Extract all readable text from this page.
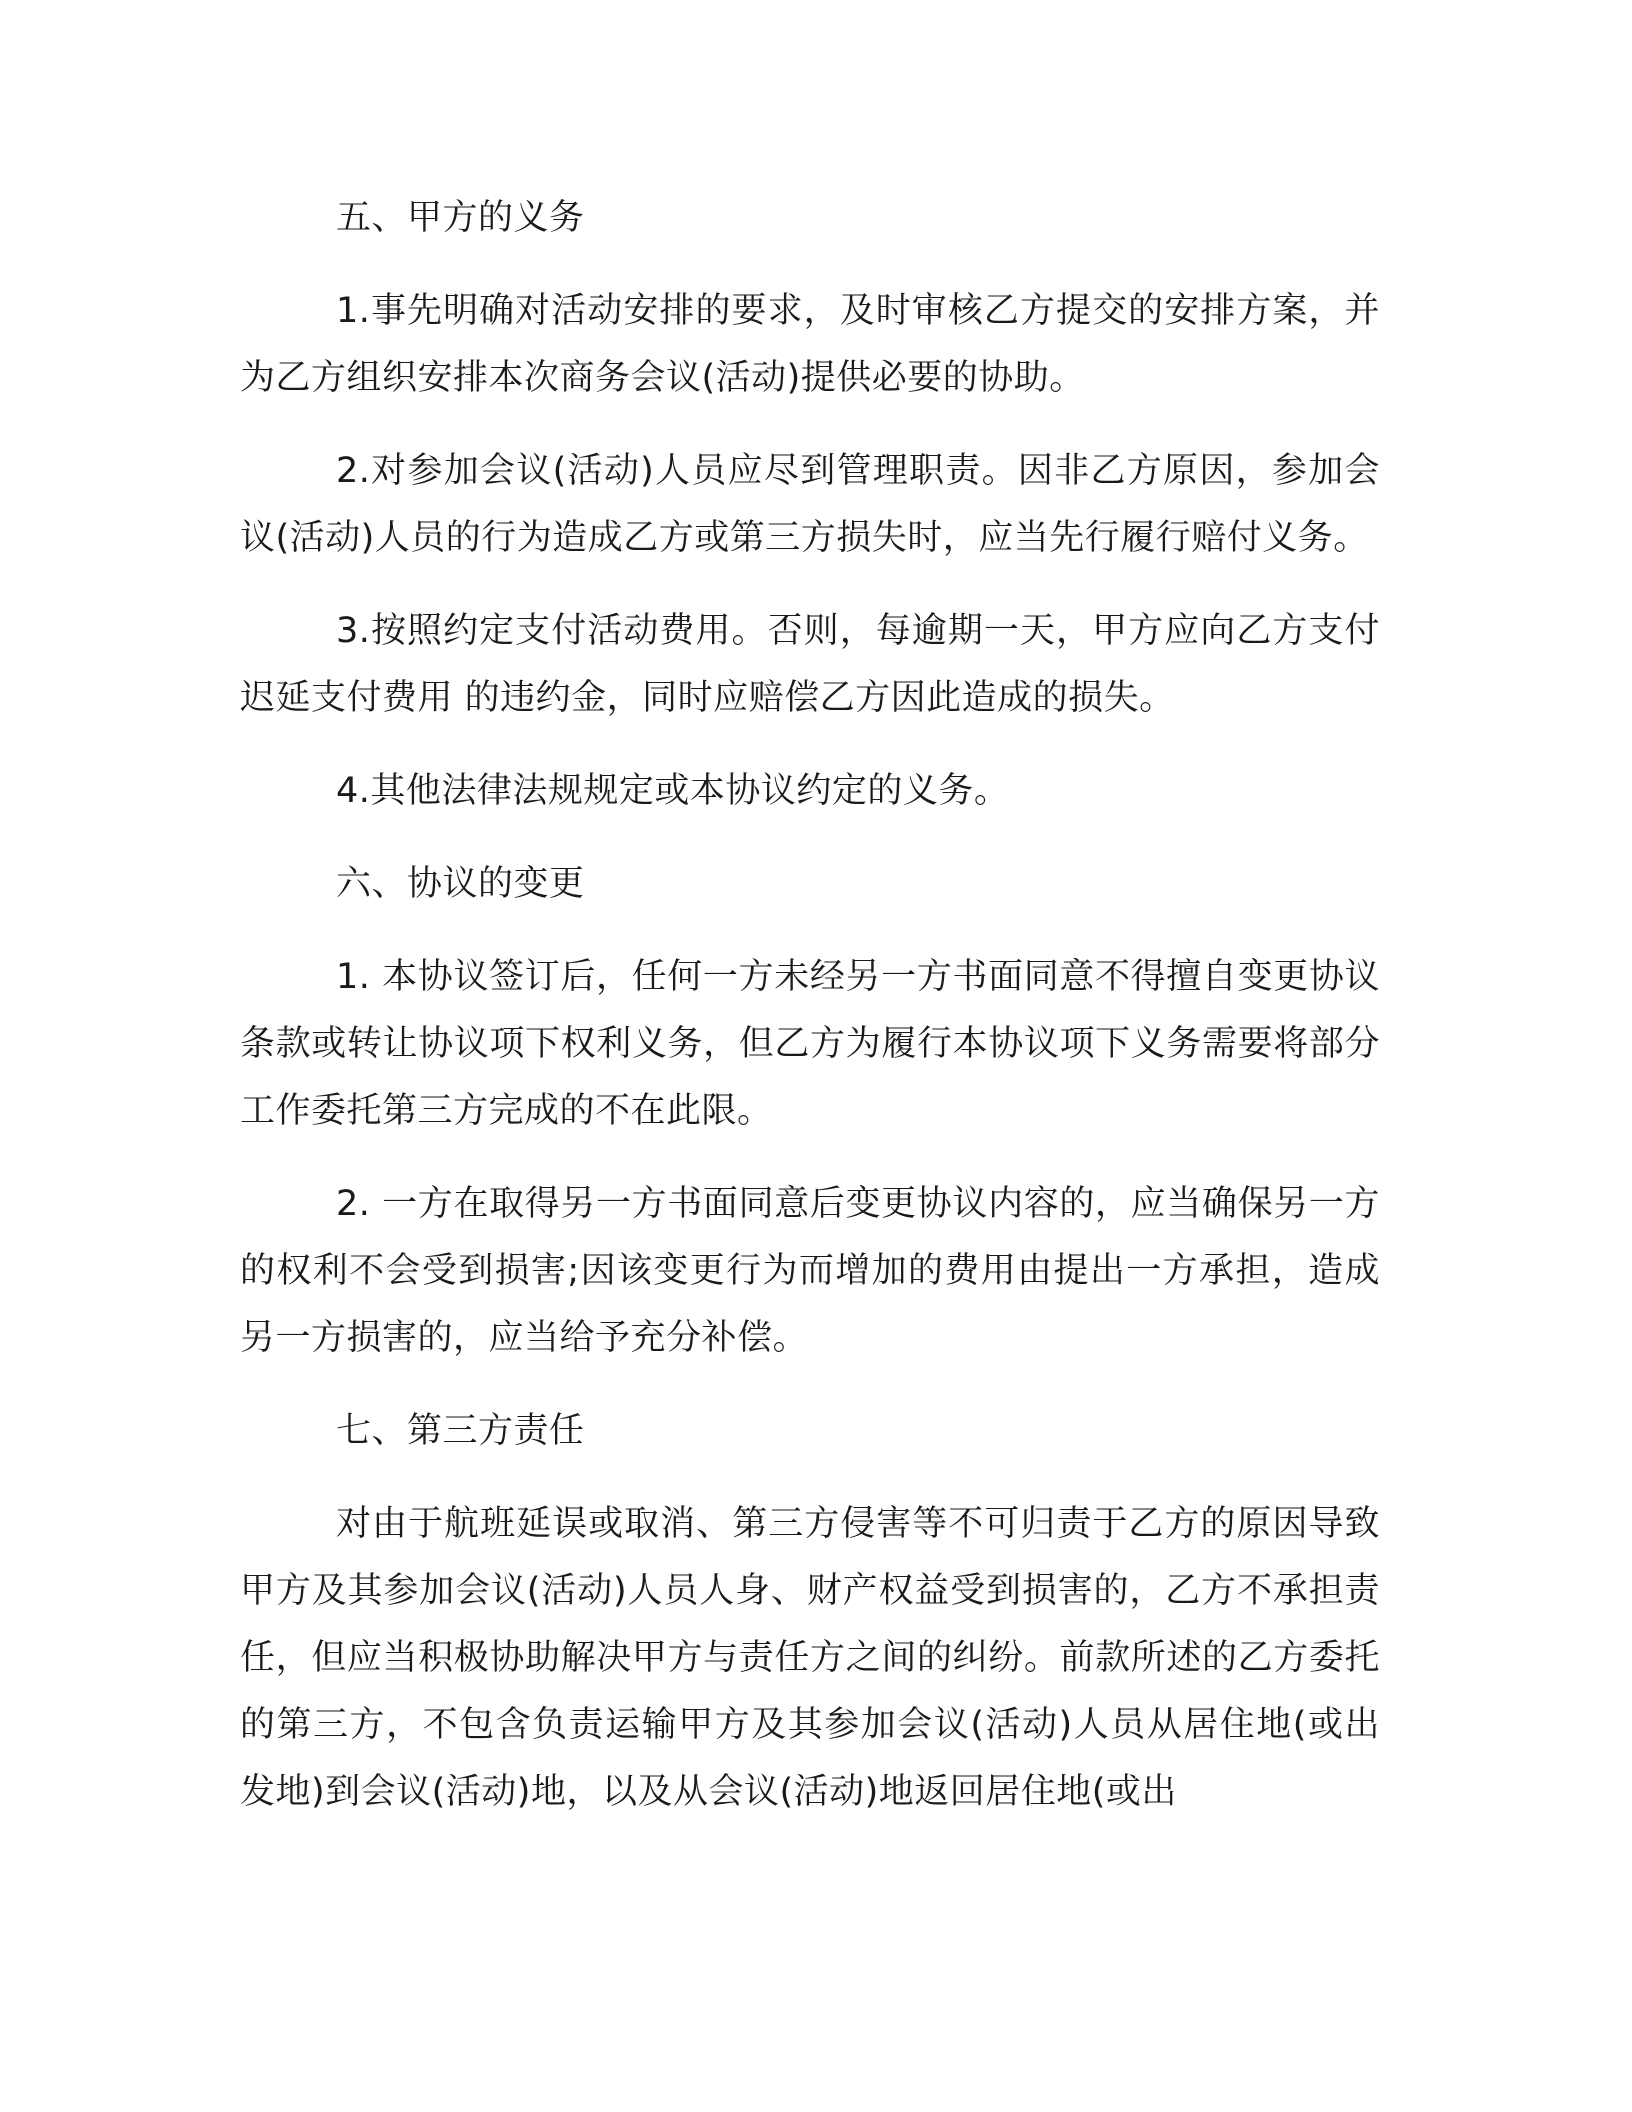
五、甲方的义务

1.事先明确对活动安排的要求，及时审核乙方提交的安排方案，并为乙方组织安排本次商务会议(活动)提供必要的协助。

2.对参加会议(活动)人员应尽到管理职责。因非乙方原因，参加会议(活动)人员的行为造成乙方或第三方损失时，应当先行履行赔付义务。

3.按照约定支付活动费用。否则，每逾期一天，甲方应向乙方支付迟延支付费用 的违约金，同时应赔偿乙方因此造成的损失。

4.其他法律法规规定或本协议约定的义务。

六、协议的变更

1. 本协议签订后，任何一方未经另一方书面同意不得擅自变更协议条款或转让协议项下权利义务，但乙方为履行本协议项下义务需要将部分工作委托第三方完成的不在此限。

2. 一方在取得另一方书面同意后变更协议内容的，应当确保另一方的权利不会受到损害;因该变更行为而增加的费用由提出一方承担，造成另一方损害的，应当给予充分补偿。

七、第三方责任

对由于航班延误或取消、第三方侵害等不可归责于乙方的原因导致甲方及其参加会议(活动)人员人身、财产权益受到损害的，乙方不承担责任，但应当积极协助解决甲方与责任方之间的纠纷。前款所述的乙方委托的第三方，不包含负责运输甲方及其参加会议(活动)人员从居住地(或出发地)到会议(活动)地，以及从会议(活动)地返回居住地(或出
